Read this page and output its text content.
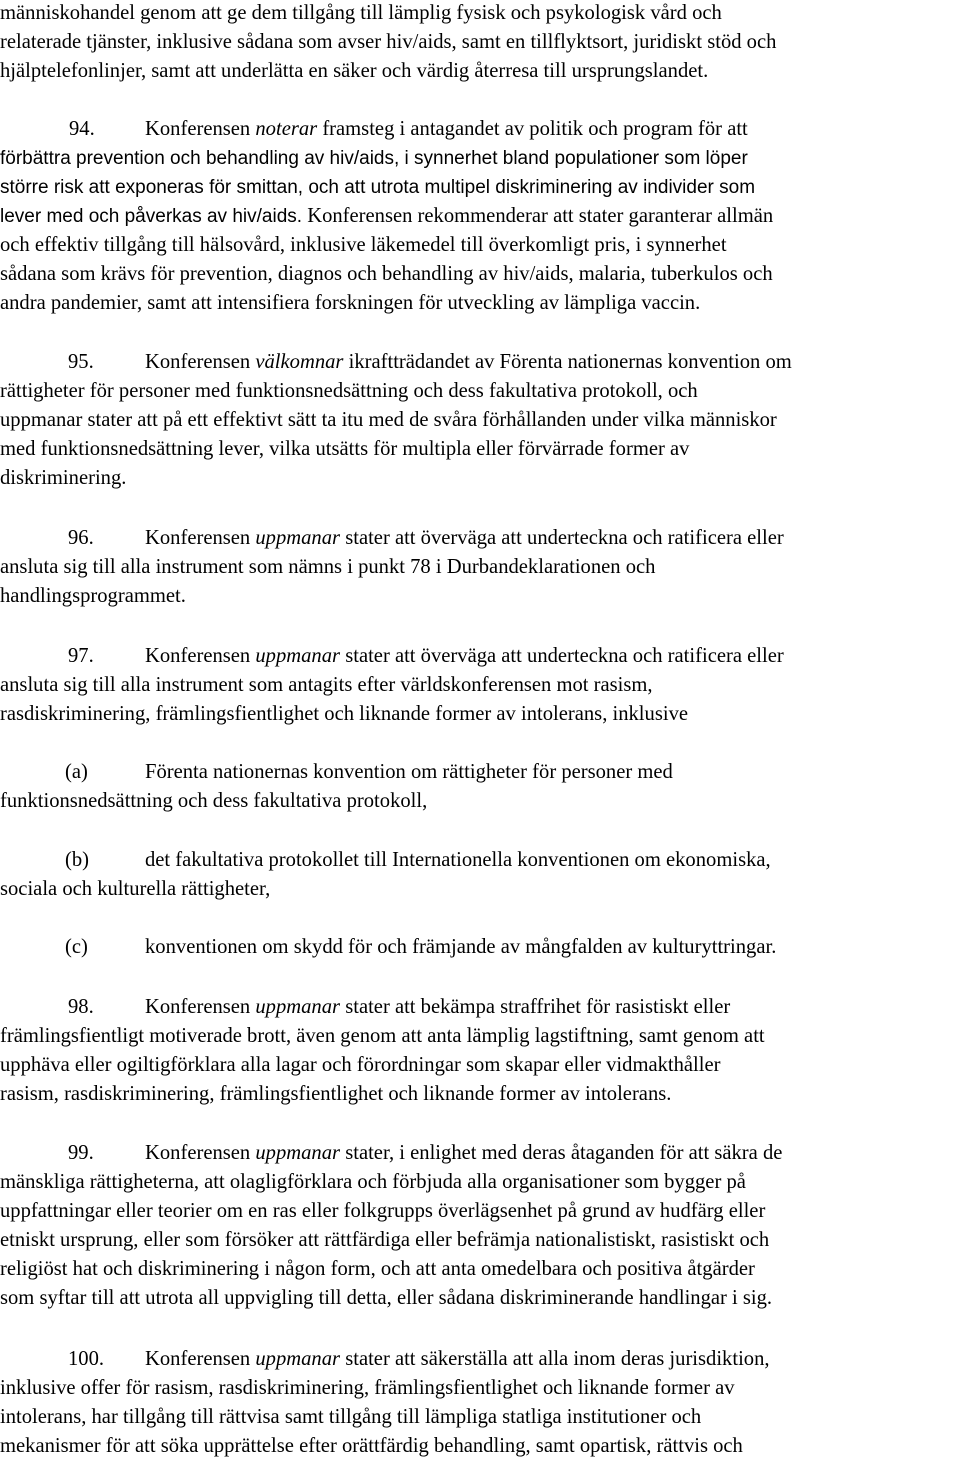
människohandel genom att ge dem tillgång till lämplig fysisk och psykologisk vård och
relaterade tjänster, inklusive sådana som avser hiv/aids, samt en tillflyktsort, juridiskt stöd och
hjälptelefonlinjer, samt att underlätta en säker och värdig återresa till ursprungslandet.
94. Konferensen noterar framsteg i antagandet av politik och program för att
förbättra prevention och behandling av hiv/aids, i synnerhet bland populationer som löper
större risk att exponeras för smittan, och att utrota multipel diskriminering av individer som
lever med och påverkas av hiv/aids. Konferensen rekommenderar att stater garanterar allmän
och effektiv tillgång till hälsovård, inklusive läkemedel till överkomligt pris, i synnerhet
sådana som krävs för prevention, diagnos och behandling av hiv/aids, malaria, tuberkulos och
andra pandemier, samt att intensifiera forskningen för utveckling av lämpliga vaccin.
95. Konferensen välkomnar ikraftträdandet av Förenta nationernas konvention om
rättigheter för personer med funktionsnedsättning och dess fakultativa protokoll, och
uppmanar stater att på ett effektivt sätt ta itu med de svåra förhållanden under vilka människor
med funktionsnedsättning lever, vilka utsätts för multipla eller förvärrade former av
diskriminering.
96. Konferensen uppmanar stater att överväga att underteckna och ratificera eller
ansluta sig till alla instrument som nämns i punkt 78 i Durbandeklarationen och
handlingsprogrammet.
97. Konferensen uppmanar stater att överväga att underteckna och ratificera eller
ansluta sig till alla instrument som antagits efter världskonferensen mot rasism,
rasdiskriminering, främlingsfientlighet och liknande former av intolerans, inklusive
(a)	Förenta nationernas konvention om rättigheter för personer med
funktionsnedsättning och dess fakultativa protokoll,
(b)	det fakultativa protokollet till Internationella konventionen om ekonomiska,
sociala och kulturella rättigheter,
(c)	konventionen om skydd för och främjande av mångfalden av kulturyttringar.
98. Konferensen uppmanar stater att bekämpa straffrihet för rasistiskt eller
främlingsfientligt motiverade brott, även genom att anta lämplig lagstiftning, samt genom att
upphäva eller ogiltigförklara alla lagar och förordningar som skapar eller vidmakthåller
rasism, rasdiskriminering, främlingsfientlighet och liknande former av intolerans.
99. Konferensen uppmanar stater, i enlighet med deras åtaganden för att säkra de
mänskliga rättigheterna, att olagligförklara och förbjuda alla organisationer som bygger på
uppfattningar eller teorier om en ras eller folkgrupps överlägsenhet på grund av hudfärg eller
etniskt ursprung, eller som försöker att rättfärdiga eller befrämja nationalistiskt, rasistiskt och
religiöst hat och diskriminering i någon form, och att anta omedelbara och positiva åtgärder
som syftar till att utrota all uppvigling till detta, eller sådana diskriminerande handlingar i sig.
100. Konferensen uppmanar stater att säkerställa att alla inom deras jurisdiktion,
inklusive offer för rasism, rasdiskriminering, främlingsfientlighet och liknande former av
intolerans, har tillgång till rättvisa samt tillgång till lämpliga statliga institutioner och
mekanismer för att söka upprättelse efter orättfärdig behandling, samt opartisk, rättvis och
